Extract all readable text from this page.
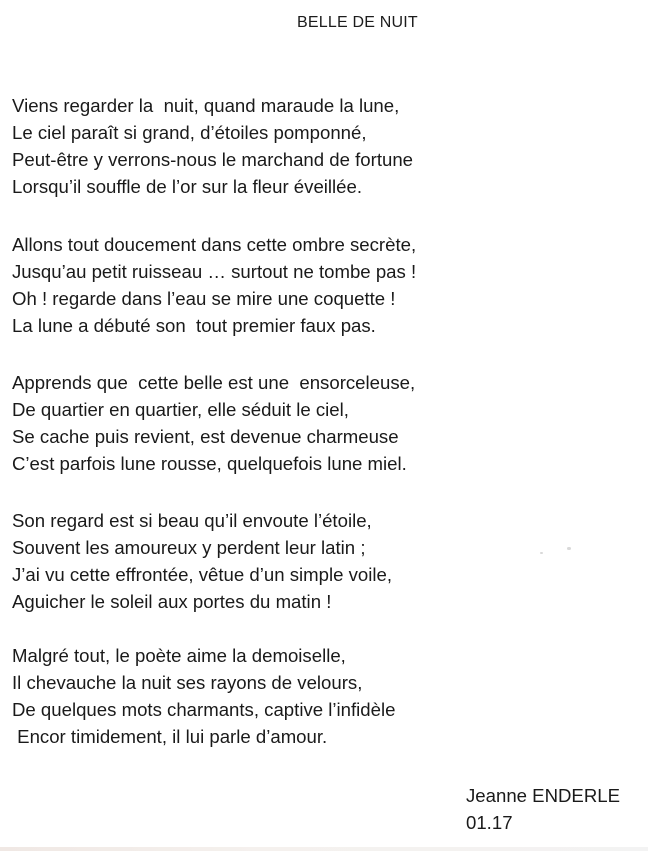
BELLE DE NUIT
Viens regarder la  nuit, quand maraude la lune,
Le ciel paraît si grand, d’étoiles pomponné,
Peut-être y verrons-nous le marchand de fortune
Lorsqu’il souffle de l’or sur la fleur éveillée.
Allons tout doucement dans cette ombre secrète,
Jusqu’au petit ruisseau … surtout ne tombe pas !
Oh ! regarde dans l’eau se mire une coquette !
La lune a débuté son  tout premier faux pas.
Apprends que  cette belle est une  ensorceleuse,
De quartier en quartier, elle séduit le ciel,
Se cache puis revient, est devenue charmeuse
C’est parfois lune rousse, quelquefois lune miel.
Son regard est si beau qu’il envoute l’étoile,
Souvent les amoureux y perdent leur latin ;
J’ai vu cette effrontée, vêtue d’un simple voile,
Aguicher le soleil aux portes du matin !
Malgré tout, le poète aime la demoiselle,
Il chevauche la nuit ses rayons de velours,
De quelques mots charmants, captive l’infidèle
Encor timidement, il lui parle d’amour.
Jeanne ENDERLE
01.17
